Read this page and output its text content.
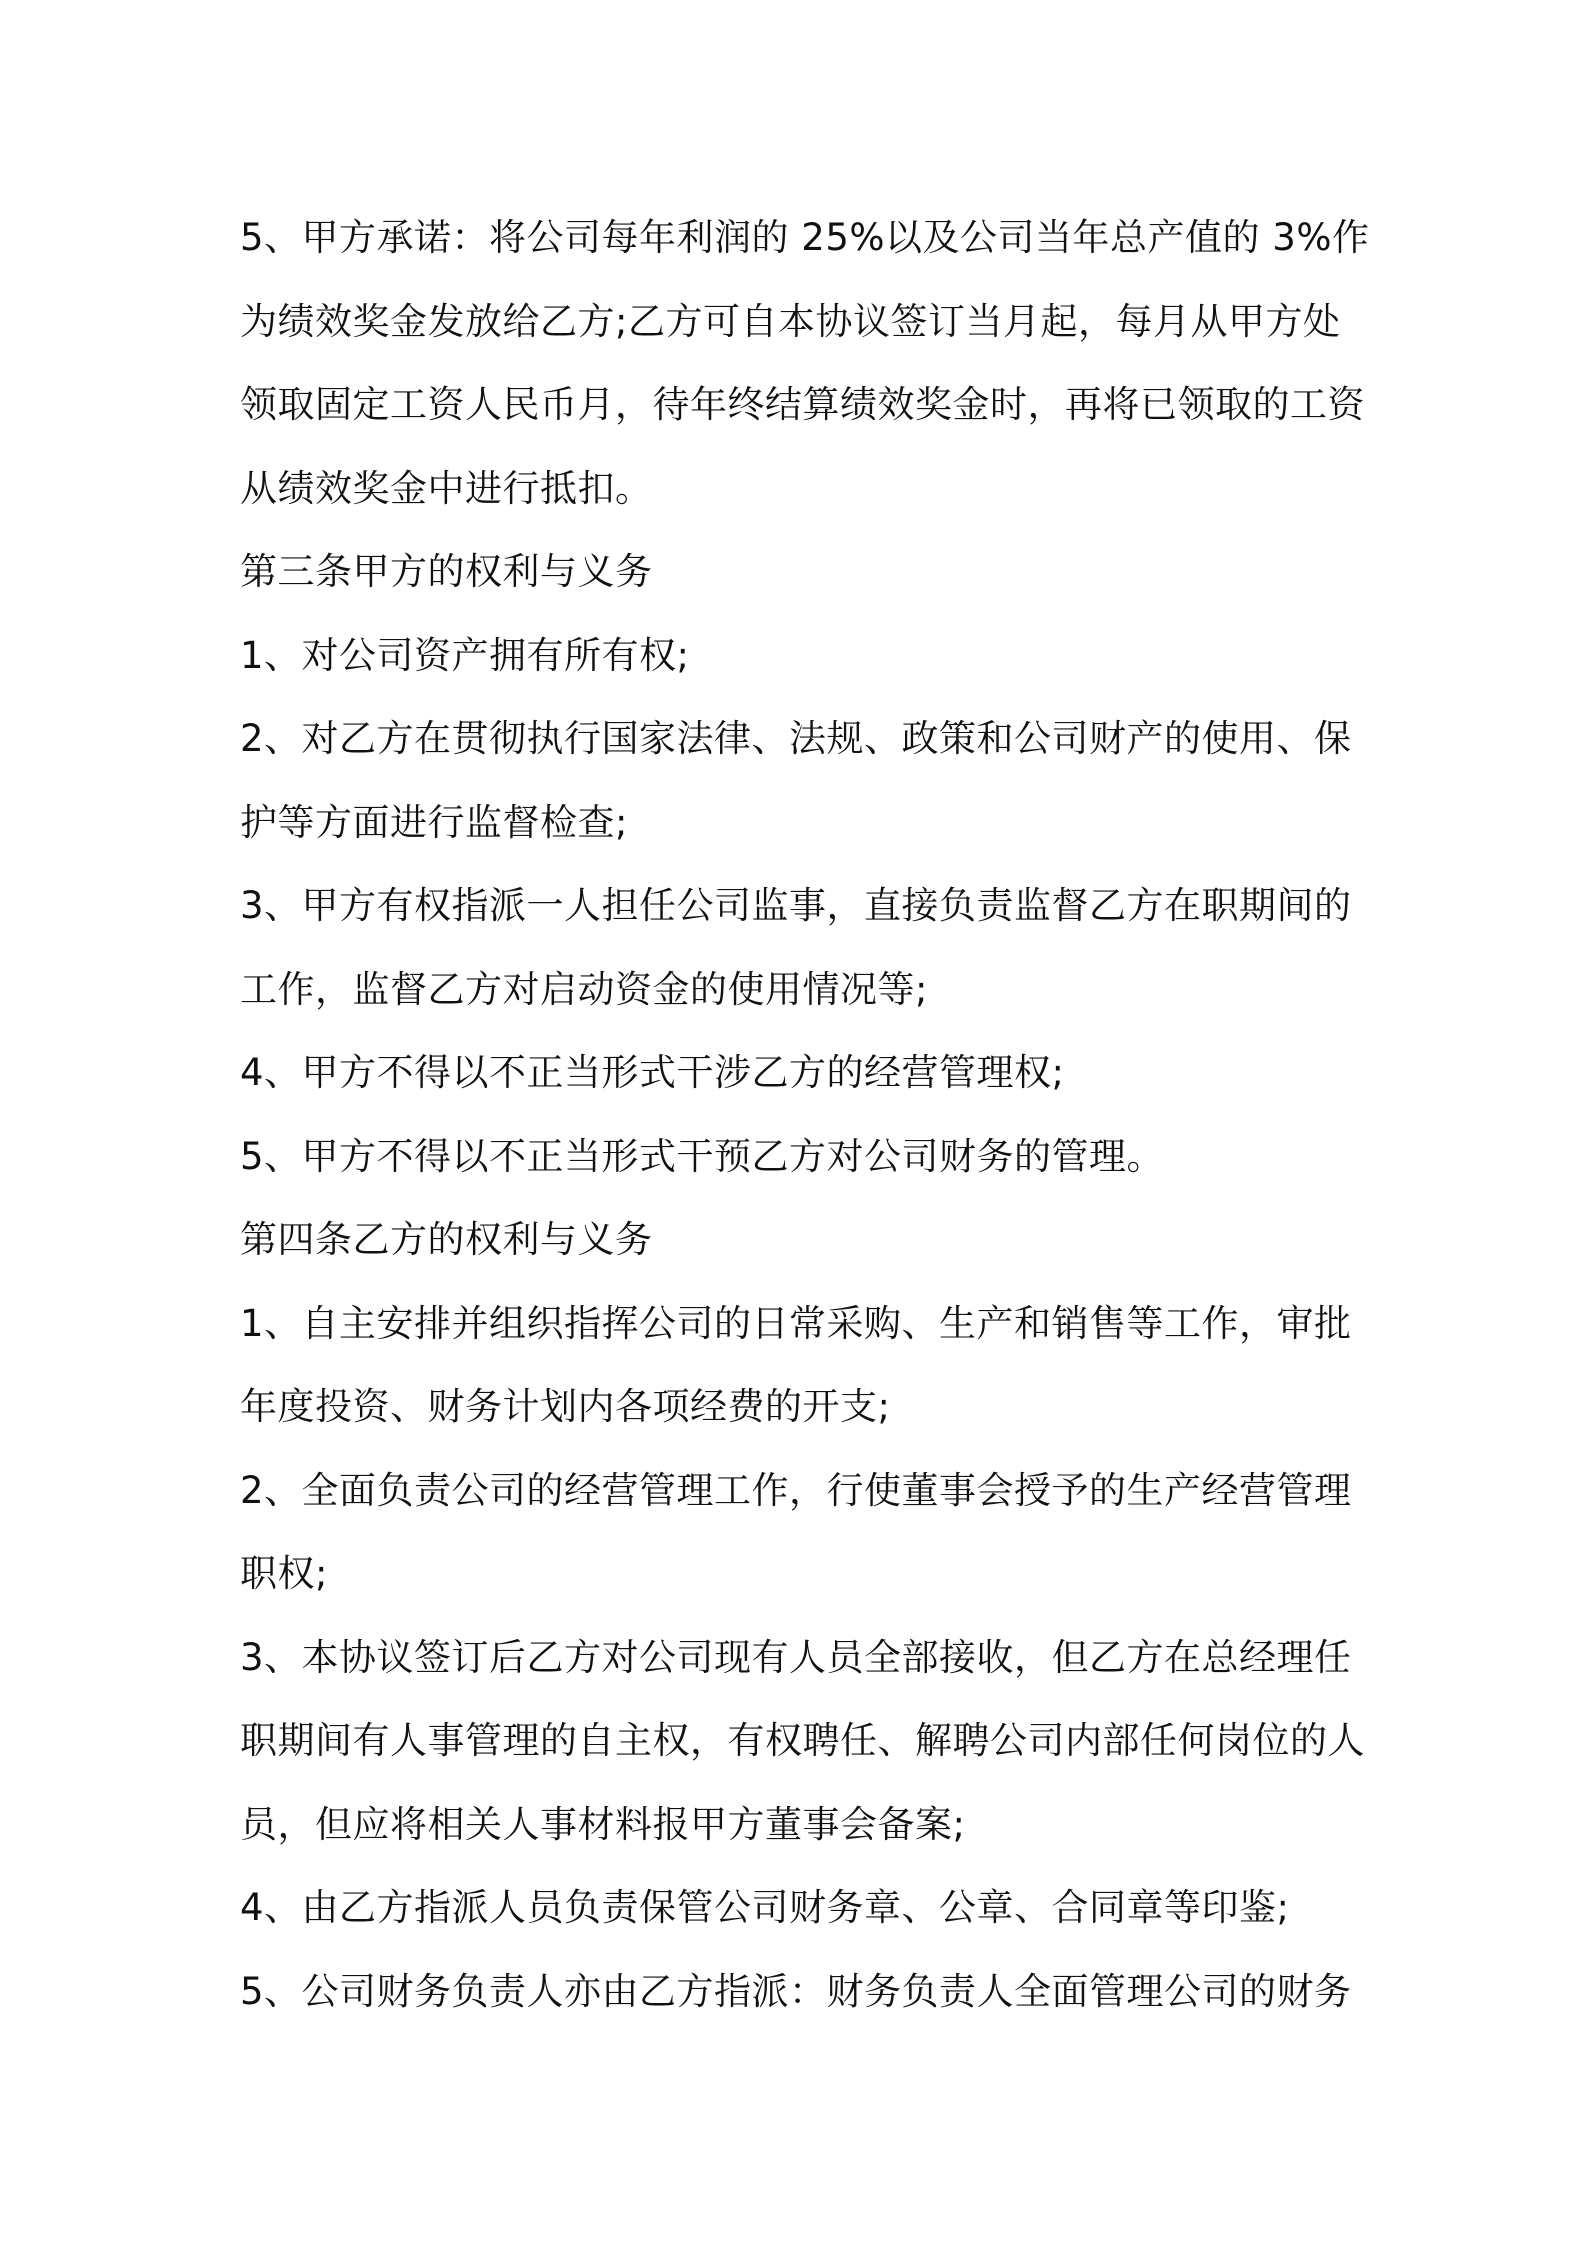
5、甲方承诺：将公司每年利润的 25%以及公司当年总产值的 3%作
为绩效奖金发放给乙方;乙方可自本协议签订当月起，每月从甲方处
领取固定工资人民币月，待年终结算绩效奖金时，再将已领取的工资
从绩效奖金中进行抵扣。
第三条甲方的权利与义务
1、对公司资产拥有所有权;
2、对乙方在贯彻执行国家法律、法规、政策和公司财产的使用、保
护等方面进行监督检查;
3、甲方有权指派一人担任公司监事，直接负责监督乙方在职期间的
工作，监督乙方对启动资金的使用情况等;
4、甲方不得以不正当形式干涉乙方的经营管理权;
5、甲方不得以不正当形式干预乙方对公司财务的管理。
第四条乙方的权利与义务
1、自主安排并组织指挥公司的日常采购、生产和销售等工作，审批
年度投资、财务计划内各项经费的开支;
2、全面负责公司的经营管理工作，行使董事会授予的生产经营管理
职权;
3、本协议签订后乙方对公司现有人员全部接收，但乙方在总经理任
职期间有人事管理的自主权，有权聘任、解聘公司内部任何岗位的人
员，但应将相关人事材料报甲方董事会备案;
4、由乙方指派人员负责保管公司财务章、公章、合同章等印鉴;
5、公司财务负责人亦由乙方指派：财务负责人全面管理公司的财务
